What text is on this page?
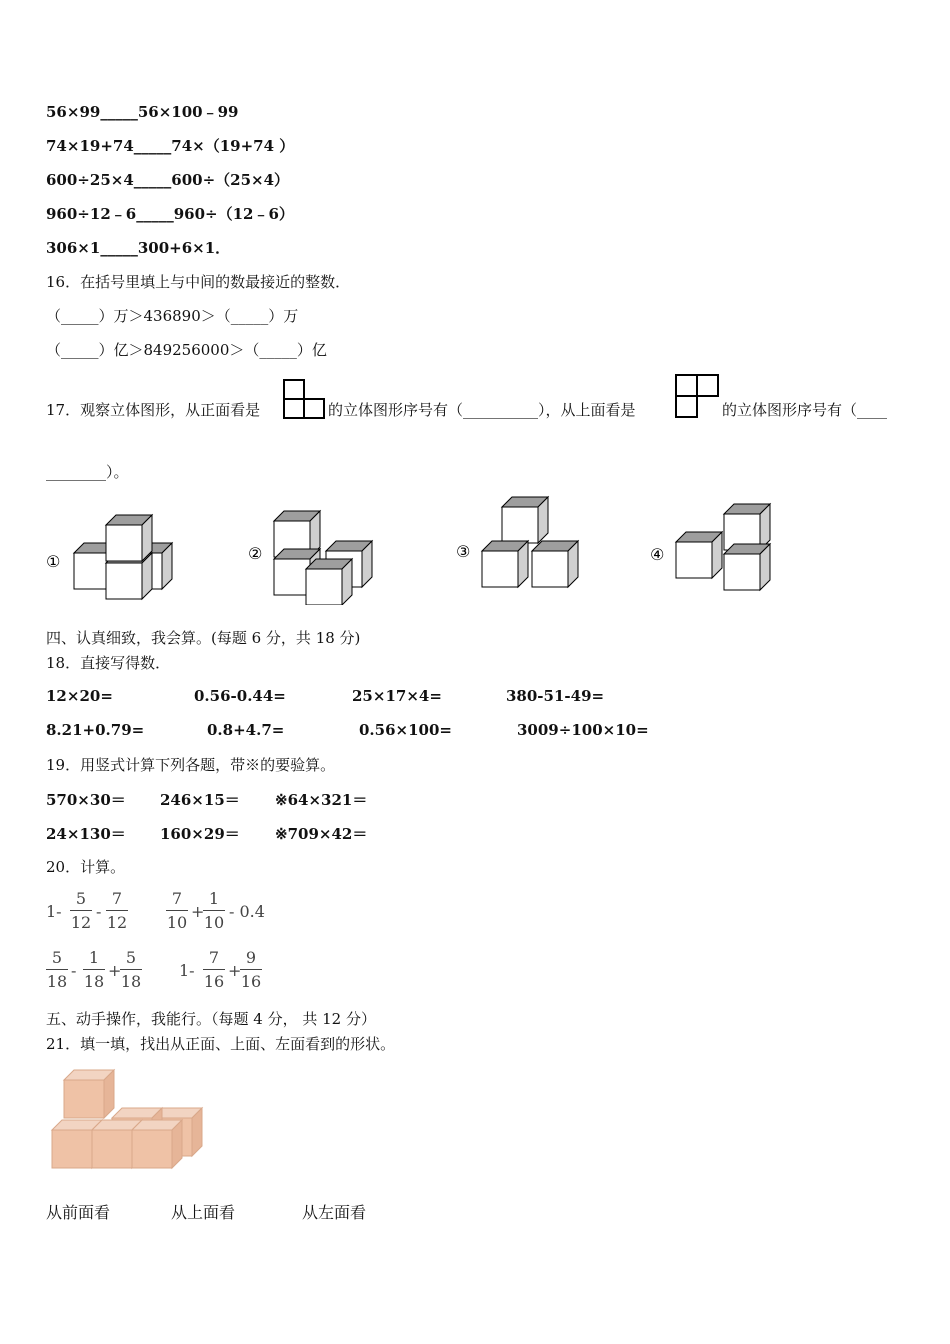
56×99_____56×100﹣99
74×19+74_____74×（19+74 ）
600÷25×4_____600÷（25×4）
960÷12﹣6_____960÷（12﹣6）
306×1_____300+6×1．
16．在括号里填上与中间的数最接近的整数．
（_____）万＞436890＞（_____）万
（_____）亿＞849256000＞（_____）亿
17．观察立体图形，从正面看是	的立体图形序号有（__________），从上面看是	的立体图形序号有（____
________）。
①	②	③	④
四、认真细致，我会算。(每题 6 分，共 18 分)
18．直接写得数．
12×20=	0.56-0.44=	25×17×4=	380-51-49=
8.21+0.79=	0.8+4.7=	0.56×100=	3009÷100×10=
19．用竖式计算下列各题，带※的要验算。
570×30＝ 246×15＝ ※64×321＝
24×130＝ 160×29＝ ※709×42＝
20．计算。
1-
5
12
-
7
12
7
10
+
1
10
- 0.4
5
18
-
1
18
+
5
18
1-
7
16
+
9
16
五、动手操作，我能行。（每题 4 分， 共 12 分）
21．填一填，找出从正面、上面、左面看到的形状。
从前面看	从上面看	从左面看
